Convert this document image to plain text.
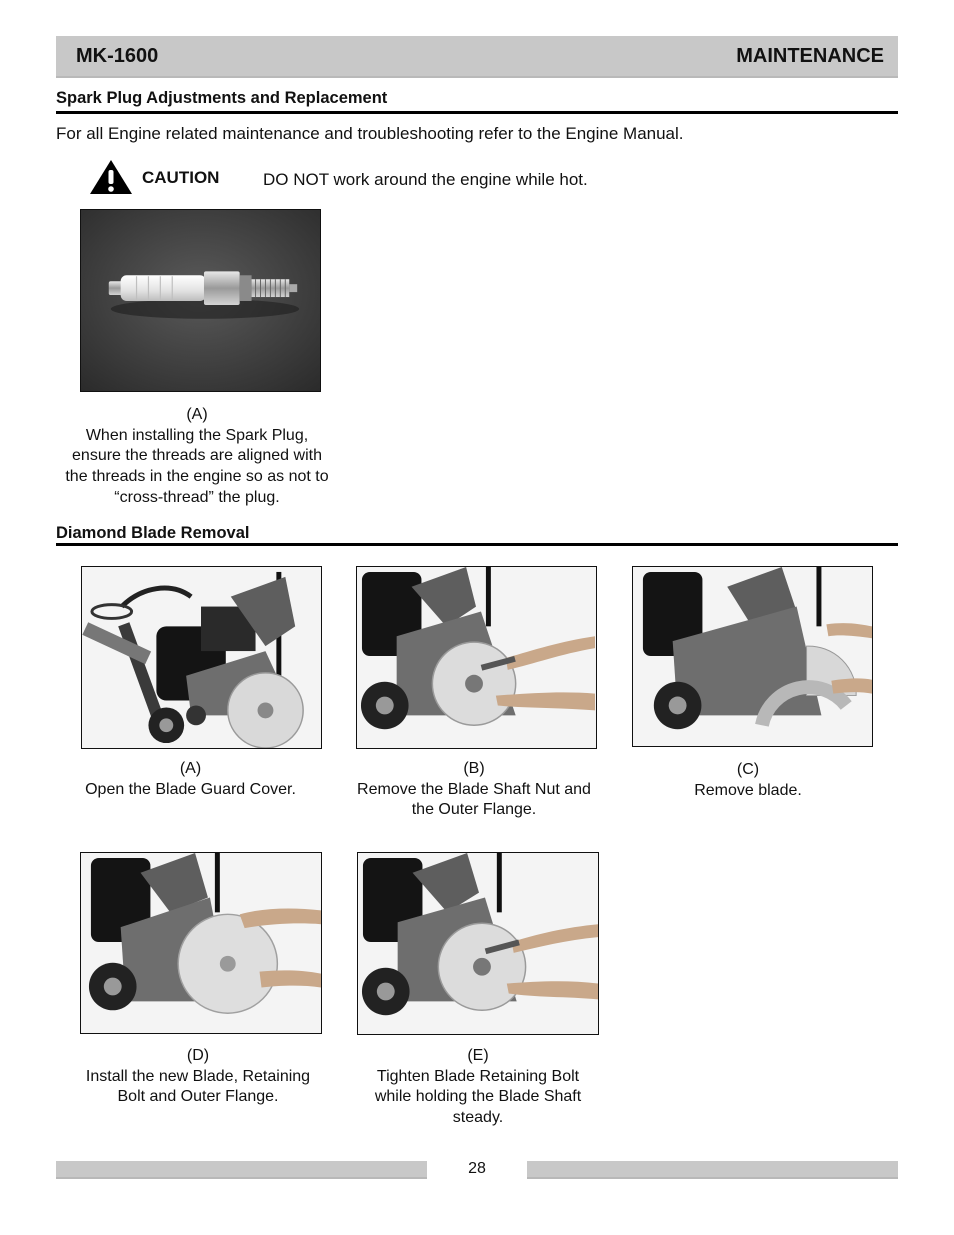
MK-1600	MAINTENANCE
Spark Plug Adjustments and Replacement
For all Engine related maintenance and troubleshooting refer to the Engine Manual.
CAUTION	DO NOT work around the engine while hot.
(A)
When installing the Spark Plug,
ensure the threads are aligned with
the threads in the engine so as not to
“cross-thread” the plug.
Diamond Blade Removal
(A)
Open the Blade Guard Cover.
(B)
Remove the Blade Shaft Nut and
the Outer Flange.
(C)
Remove blade.
(D)
Install the new Blade, Retaining
Bolt and Outer Flange.
(E)
Tighten Blade Retaining Bolt
while holding the Blade Shaft
steady.
28
